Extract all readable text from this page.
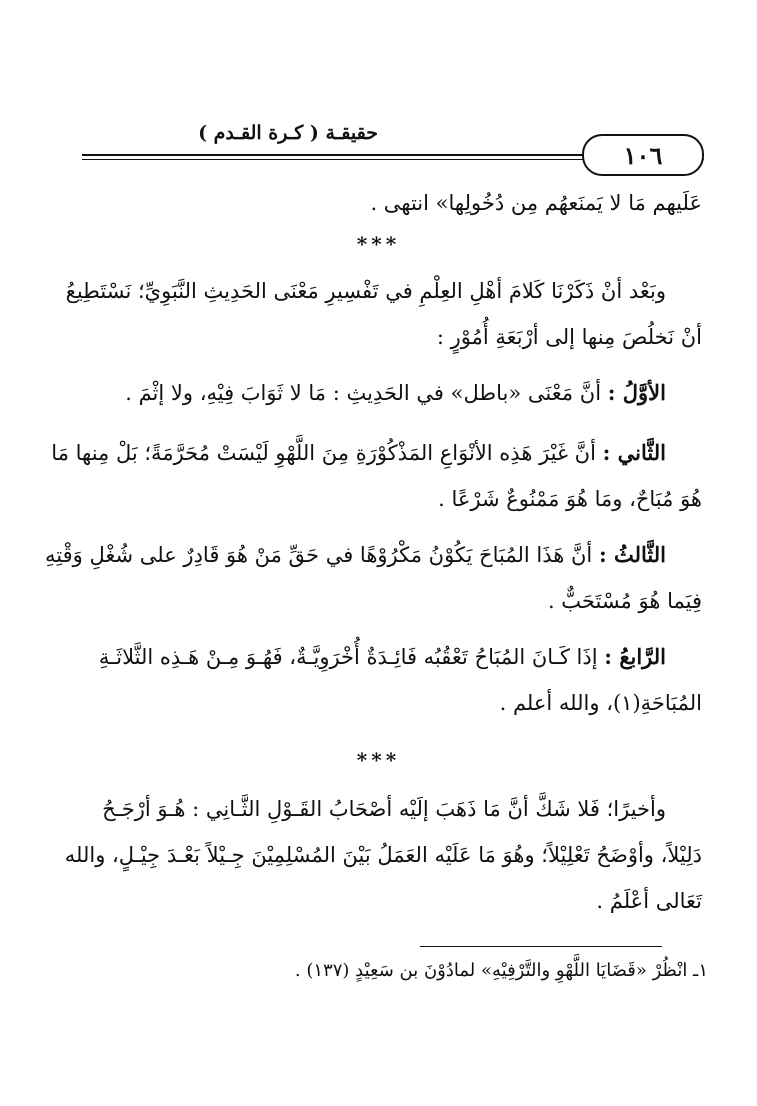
حقيقـة ( كـرة القـدم )
١٠٦
عَلَيهم مَا لا يَمنَعهُم مِن دُخُولِها» انتهى .
***
وبَعْد أنْ ذَكَرْنَا كَلامَ أهْلِ العِلْمِ في تَفْسِيرِ مَعْنَى الحَدِيثِ النَّبَوِيِّ؛ نَسْتَطِيعُ
أنْ نَخلُصَ مِنها إلى أرْبَعَةِ أُمُوْرٍ :
الأوَّلُ : أنَّ مَعْنَى «باطل» في الحَدِيثِ : مَا لا ثَوَابَ فِيْهِ، ولا إثْمَ .
الثَّاني : أنَّ غَيْرَ هَذِه الأنْوَاعِ المَذْكُوْرَةِ مِنَ اللَّهْوِ لَيْسَتْ مُحَرَّمَةً؛ بَلْ مِنها مَا
هُوَ مُبَاحٌ، ومَا هُوَ مَمْنُوعٌ شَرْعًا .
الثَّالثُ : أنَّ هَذَا المُبَاحَ يَكُوْنُ مَكْرُوْهًا في حَقِّ مَنْ هُوَ قَادِرٌ على شُغْلِ وَقْتِهِ
فِيَما هُوَ مُسْتَحَبٌّ .
الرَّابعُ : إذَا كَـانَ المُبَاحُ تَعْقُبُه فَائِـدَةٌ أُخْرَوِيَّـةٌ، فَهُـوَ مِـنْ هَـذِه الثَّلاثَـةِ
المُبَاحَةِ(١)، والله أعلم .
***
وأخيرًا؛ فَلا شَكَّ أنَّ مَا ذَهَبَ إلَيْه أصْحَابُ القَـوْلِ الثَّـانِي : هُـوَ أرْجَـحُ
دَلِيْلاً، وأوْضَحُ تَعْلِيْلاً؛ وهُوَ مَا عَلَيْه العَمَلُ بَيْنَ المُسْلِمِيْنَ جِـيْلاً بَعْـدَ جِيْـلٍ، والله
تَعَالى أعْلَمُ .
١ـ انْظُرْ «قَضَايَا اللَّهْوِ والتَّرْفِيْهِ» لمادُوْنَ بن سَعِيْدٍ (١٣٧) .
